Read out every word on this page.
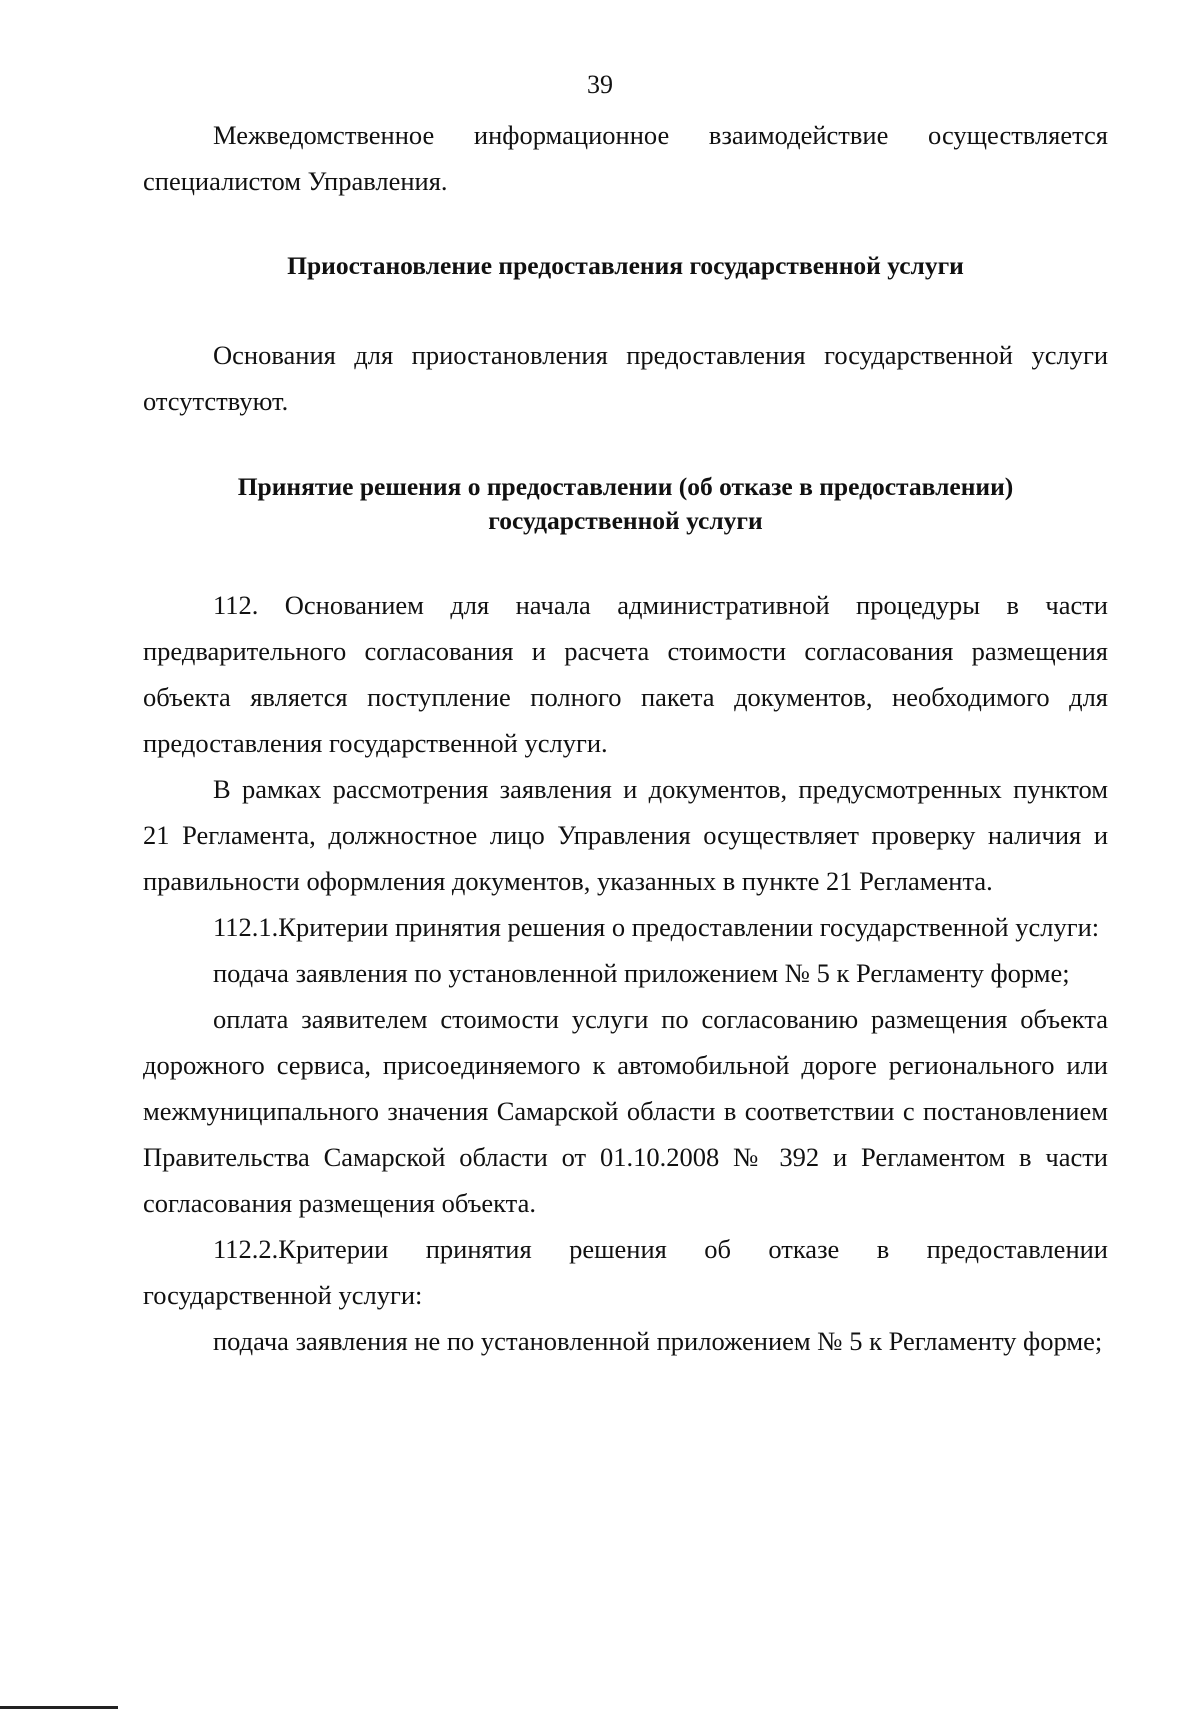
39

Межведомственное информационное взаимодействие осуществляется специалистом Управления.

Приостановление предоставления государственной услуги

Основания для приостановления предоставления государственной услуги отсутствуют.

Принятие решения о предоставлении (об отказе в предоставлении)

государственной услуги

112. Основанием для начала административной процедуры в части предварительного согласования и расчета стоимости согласования размещения объекта является поступление полного пакета документов, необходимого для предоставления государственной услуги.

В рамках рассмотрения заявления и документов, предусмотренных пунктом 21 Регламента, должностное лицо Управления осуществляет проверку наличия и правильности оформления документов, указанных в пункте 21 Регламента.

112.1.Критерии принятия решения о предоставлении государственной услуги:

подача заявления по установленной приложением № 5 к Регламенту форме;

оплата заявителем стоимости услуги по согласованию размещения объекта дорожного сервиса, присоединяемого к автомобильной дороге регионального или межмуниципального значения Самарской области в соответствии с постановлением Правительства Самарской области от 01.10.2008 № 392 и Регламентом в части согласования размещения объекта.

112.2.Критерии принятия решения об отказе в предоставлении государственной услуги:

подача заявления не по установленной приложением № 5 к Регламенту форме;
